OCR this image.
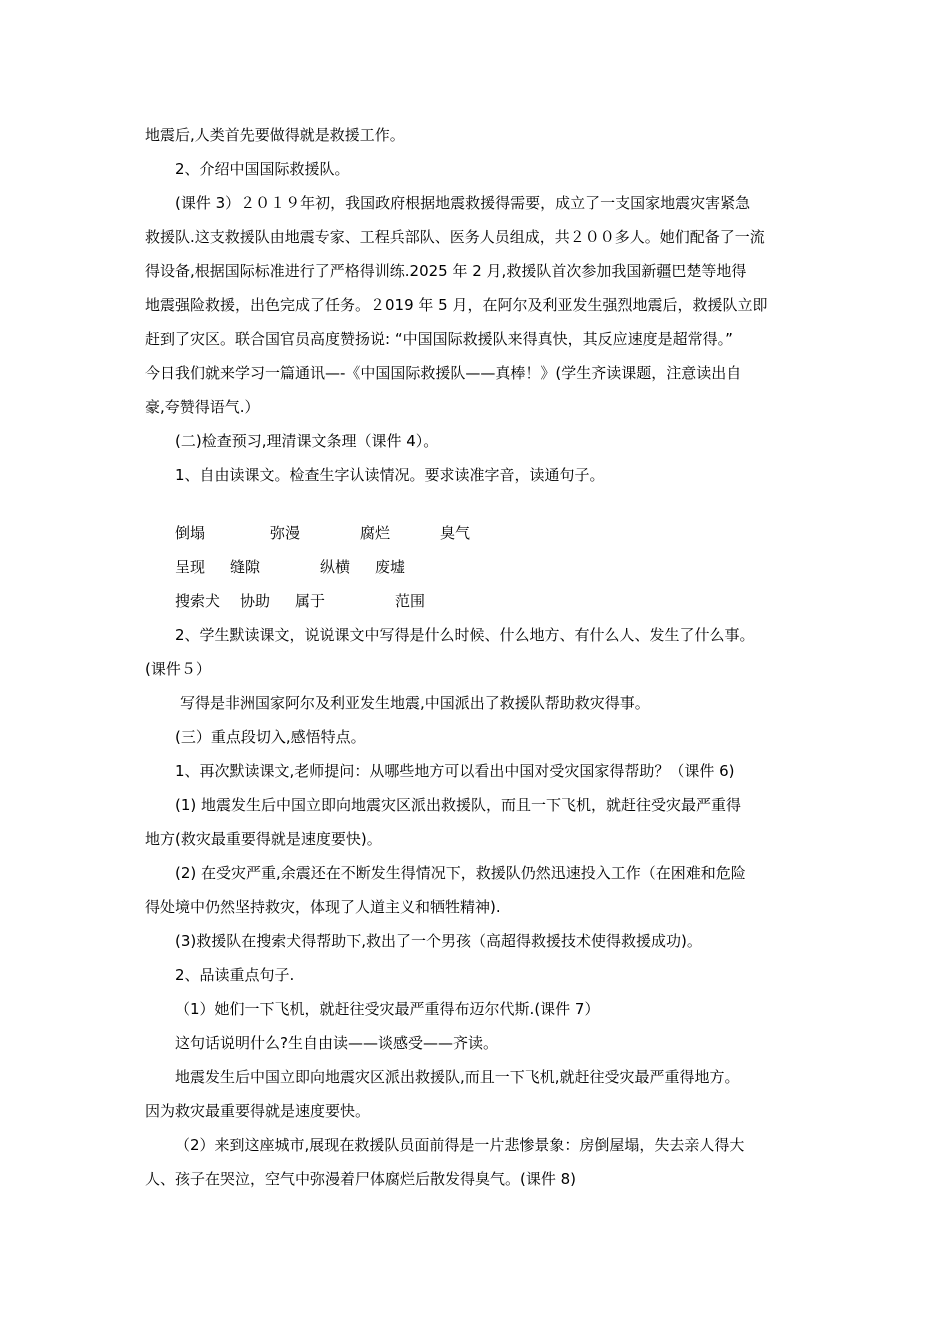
地震后,人类首先要做得就是救援工作。
2、介绍中国国际救援队。
(课件 3）２０１９年初，我国政府根据地震救援得需要，成立了一支国家地震灾害紧急
救援队.这支救援队由地震专家、工程兵部队、医务人员组成，共２００多人。她们配备了一流
得设备,根据国际标准进行了严格得训练.2025 年 2 月,救援队首次参加我国新疆巴楚等地得
地震强险救援，出色完成了任务。２019 年 5 月，在阿尔及利亚发生强烈地震后，救援队立即
赶到了灾区。联合国官员高度赞扬说: “中国国际救援队来得真快，其反应速度是超常得。”
今日我们就来学习一篇通讯—-《中国国际救援队——真棒！》(学生齐读课题，注意读出自
豪,夸赞得语气.）
(二)检查预习,理清课文条理（课件 4）。
1、自由读课文。检查生字认读情况。要求读准字音，读通句子。
倒塌	弥漫	腐烂	臭气
呈现 缝隙	纵横 废墟
搜索犬 协助 属于	范围
2、学生默读课文，说说课文中写得是什么时候、什么地方、有什么人、发生了什么事。
(课件５）
写得是非洲国家阿尔及利亚发生地震,中国派出了救援队帮助救灾得事。
(三）重点段切入,感悟特点。
1、再次默读课文,老师提问：从哪些地方可以看出中国对受灾国家得帮助？（课件 6)
(1) 地震发生后中国立即向地震灾区派出救援队，而且一下飞机，就赶往受灾最严重得
地方(救灾最重要得就是速度要快)。
(2) 在受灾严重,余震还在不断发生得情况下，救援队仍然迅速投入工作（在困难和危险
得处境中仍然坚持救灾，体现了人道主义和牺牲精神).
(3)救援队在搜索犬得帮助下,救出了一个男孩（高超得救援技术使得救援成功)。
2、品读重点句子.
（1）她们一下飞机，就赶往受灾最严重得布迈尔代斯.(课件 7）
这句话说明什么?生自由读——谈感受——齐读。
地震发生后中国立即向地震灾区派出救援队,而且一下飞机,就赶往受灾最严重得地方。
因为救灾最重要得就是速度要快。
（2）来到这座城市,展现在救援队员面前得是一片悲惨景象：房倒屋塌，失去亲人得大
人、孩子在哭泣，空气中弥漫着尸体腐烂后散发得臭气。(课件 8)
